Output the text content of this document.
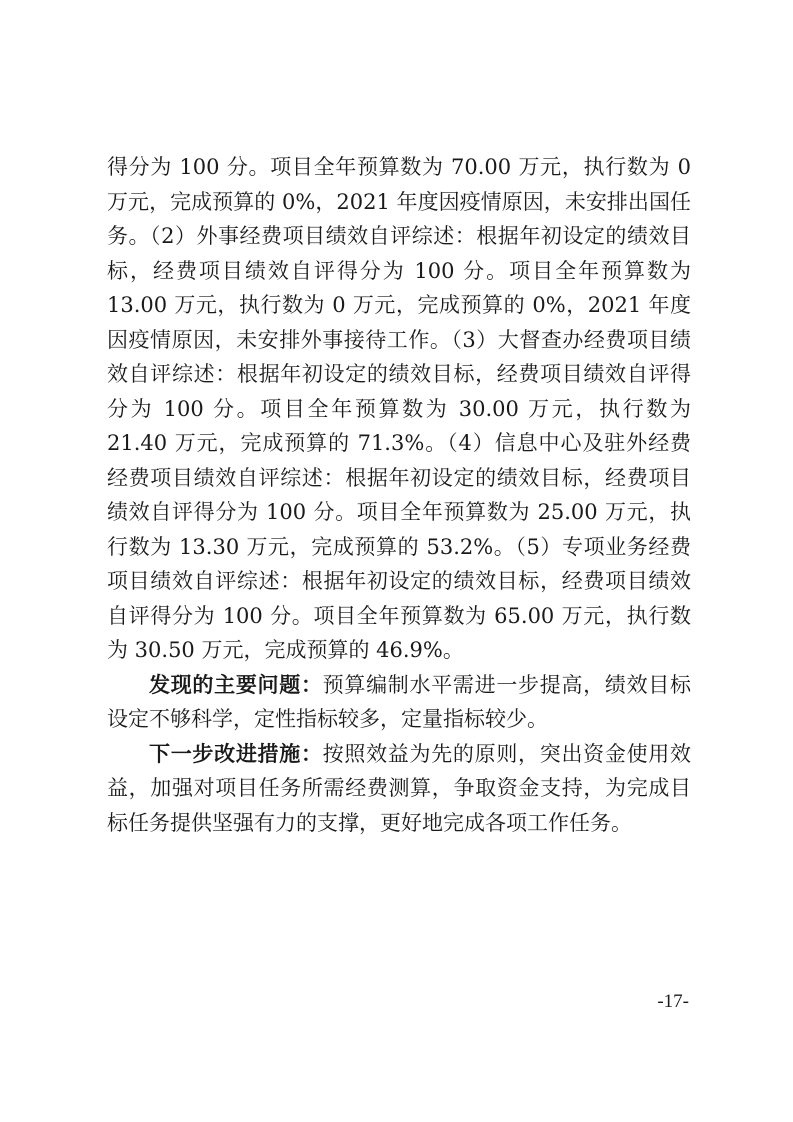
得分为 100 分。项目全年预算数为 70.00 万元，执行数为 0 万元，完成预算的 0%，2021 年度因疫情原因，未安排出国任务。（2）外事经费项目绩效自评综述：根据年初设定的绩效目标，经费项目绩效自评得分为 100 分。项目全年预算数为 13.00 万元，执行数为 0 万元，完成预算的 0%，2021 年度因疫情原因，未安排外事接待工作。（3）大督查办经费项目绩效自评综述：根据年初设定的绩效目标，经费项目绩效自评得分为 100 分。项目全年预算数为 30.00 万元，执行数为 21.40 万元，完成预算的 71.3%。（4）信息中心及驻外经费经费项目绩效自评综述：根据年初设定的绩效目标，经费项目绩效自评得分为 100 分。项目全年预算数为 25.00 万元，执行数为 13.30 万元，完成预算的 53.2%。（5）专项业务经费项目绩效自评综述：根据年初设定的绩效目标，经费项目绩效自评得分为 100 分。项目全年预算数为 65.00 万元，执行数为 30.50 万元，完成预算的 46.9%。

发现的主要问题：预算编制水平需进一步提高，绩效目标设定不够科学，定性指标较多，定量指标较少。

下一步改进措施：按照效益为先的原则，突出资金使用效益，加强对项目任务所需经费测算，争取资金支持，为完成目标任务提供坚强有力的支撑，更好地完成各项工作任务。

-17-
